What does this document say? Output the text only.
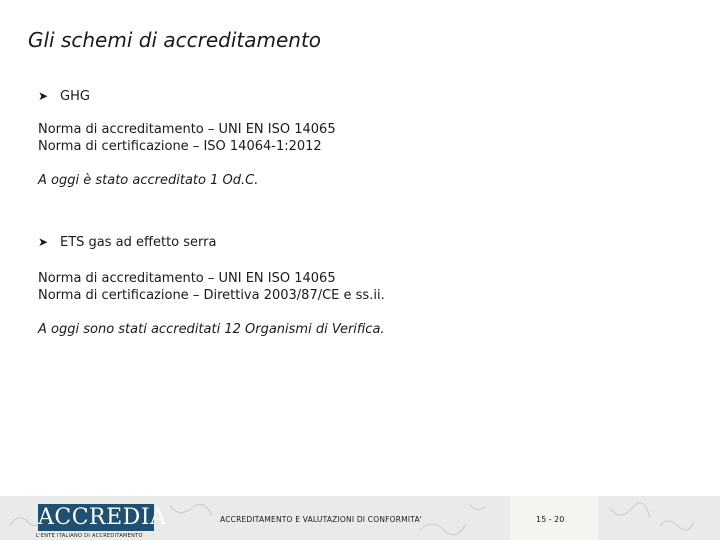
Gli schemi di accreditamento
➤ GHG
Norma di accreditamento – UNI EN ISO 14065
Norma di certificazione – ISO 14064-1:2012
A oggi è stato accreditato 1 Od.C.
➤ ETS gas ad effetto serra
Norma di accreditamento – UNI EN ISO 14065
Norma di certificazione – Direttiva 2003/87/CE e ss.ii.
A oggi sono stati accreditati 12 Organismi di Verifica.
ACCREDIA
L'ENTE ITALIANO DI ACCREDITAMENTO
ACCREDITAMENTO E VALUTAZIONI DI CONFORMITA'	15 - 20
